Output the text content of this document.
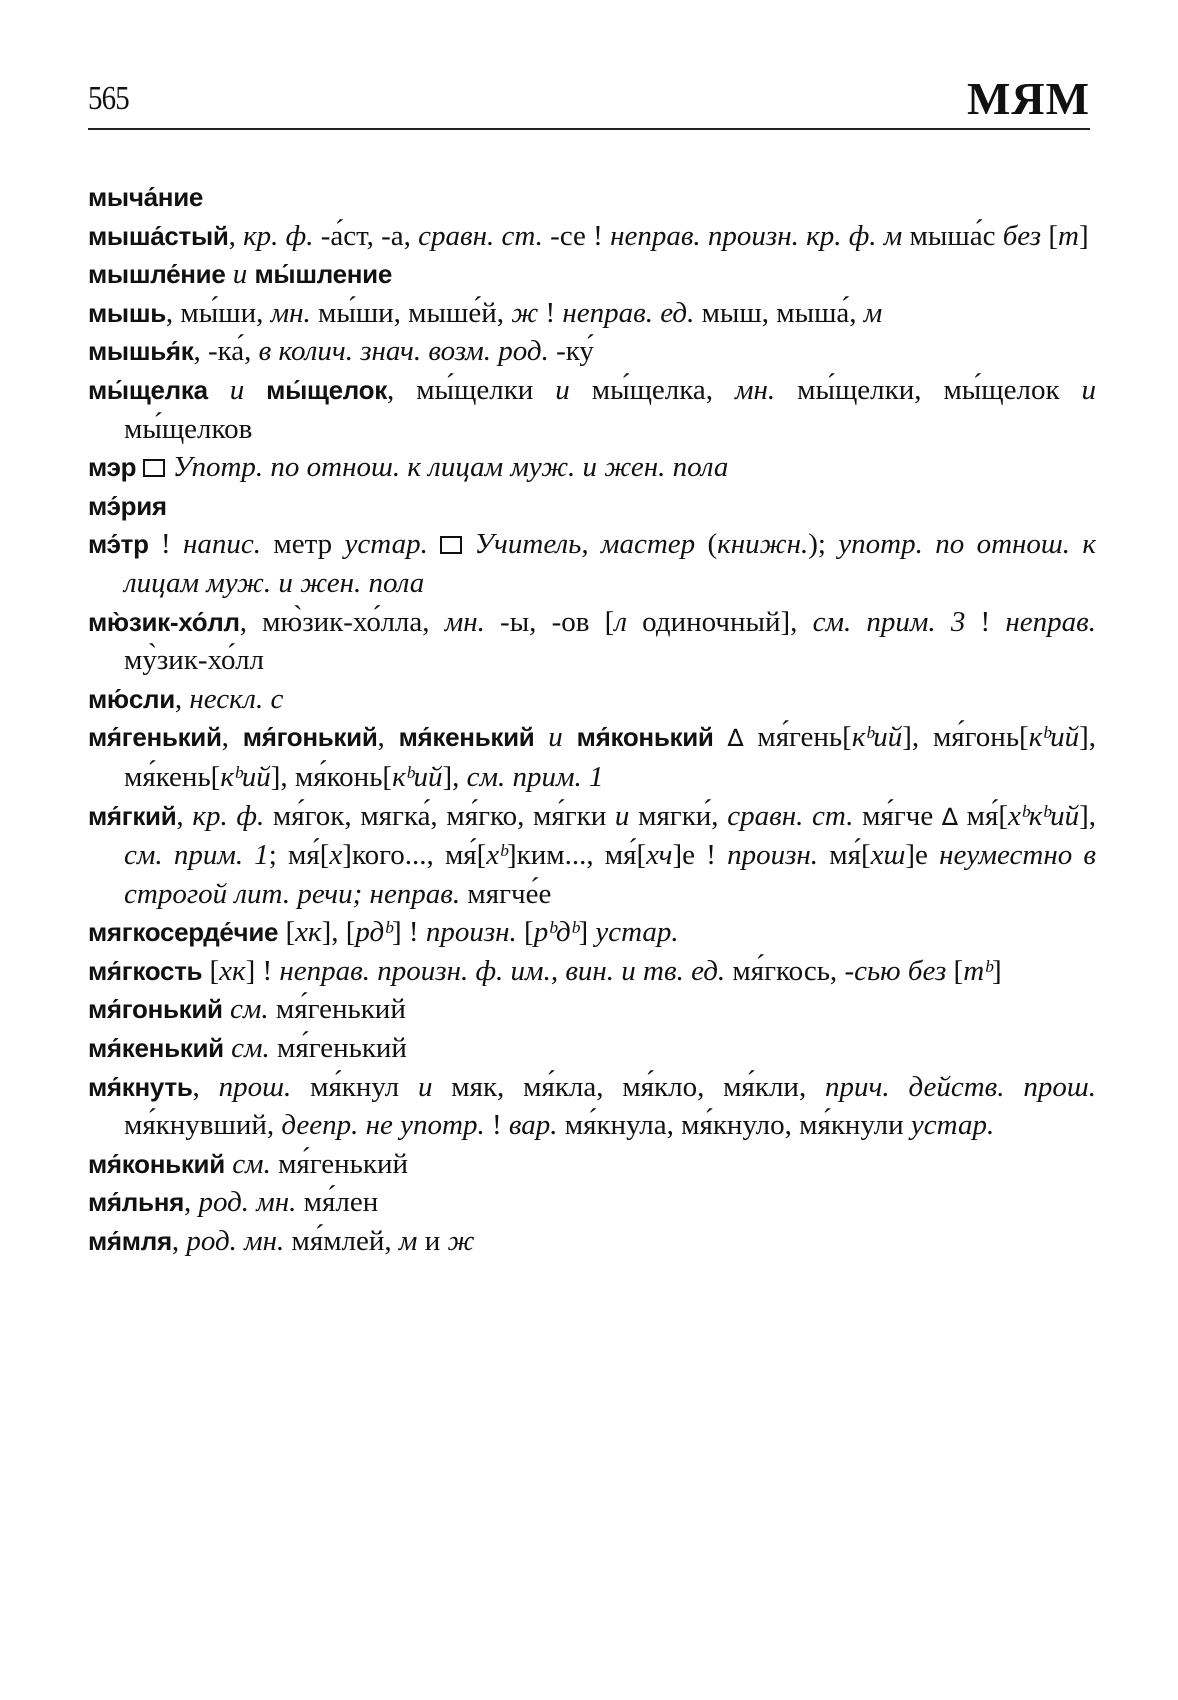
565	МЯМ

мыча́ние

мыша́стый, кр. ф. -а́ст, -а, сравн. ст. -се ! неправ. произн. кр. ф. м мыша́с без [т]

мышле́ние и мы́шление

мышь, мы́ши, мн. мы́ши, мыше́й, ж ! неправ. ед. мыш, мыша́, м

мышья́к, -ка́, в колич. знач. возм. род. -ку́

мы́щелка и мы́щелок, мы́щелки и мы́щелка, мн. мы́щелки, мы́щелок и мы́щелков

мэр Употр. по отнош. к лицам муж. и жен. пола

мэ́рия

мэ́тр ! напис. метр устар. Учитель, мастер (книжн.); употр. по отнош. к лицам муж. и жен. пола

мю̀зик-хо́лл, мю̀зик-хо́лла, мн. -ы, -ов [л одиночный], см. прим. 3 ! неправ. му̀зик-хо́лл

мю́сли, нескл. с

мя́генький, мя́гонький, мя́кенький и мя́конький ∆ мя́гень[кᵇий], мя́гонь[кᵇий], мя́кень[кᵇий], мя́конь[кᵇий], см. прим. 1

мя́гкий, кр. ф. мя́гок, мягка́, мя́гко, мя́гки и мягки́, сравн. ст. мя́гче ∆ мя́[хᵇкᵇий], см. прим. 1; мя́[х]кого..., мя́[хᵇ]ким..., мя́[хч]е ! произн. мя́[хш]е неуместно в строгой лит. речи; неправ. мягче́е

мягкосерде́чие [хк], [рдᵇ] ! произн. [рᵇдᵇ] устар.

мя́гкость [хк] ! неправ. произн. ф. им., вин. и тв. ед. мя́гкось, -сью без [тᵇ]

мя́гонький см. мя́генький

мя́кенький см. мя́генький

мя́кнуть, прош. мя́кнул и мяк, мя́кла, мя́кло, мя́кли, прич. действ. прош. мя́кнувший, деепр. не употр. ! вар. мя́кнула, мя́кнуло, мя́кнули устар.

мя́конький см. мя́генький

мя́льня, род. мн. мя́лен

мя́мля, род. мн. мя́млей, м и ж
